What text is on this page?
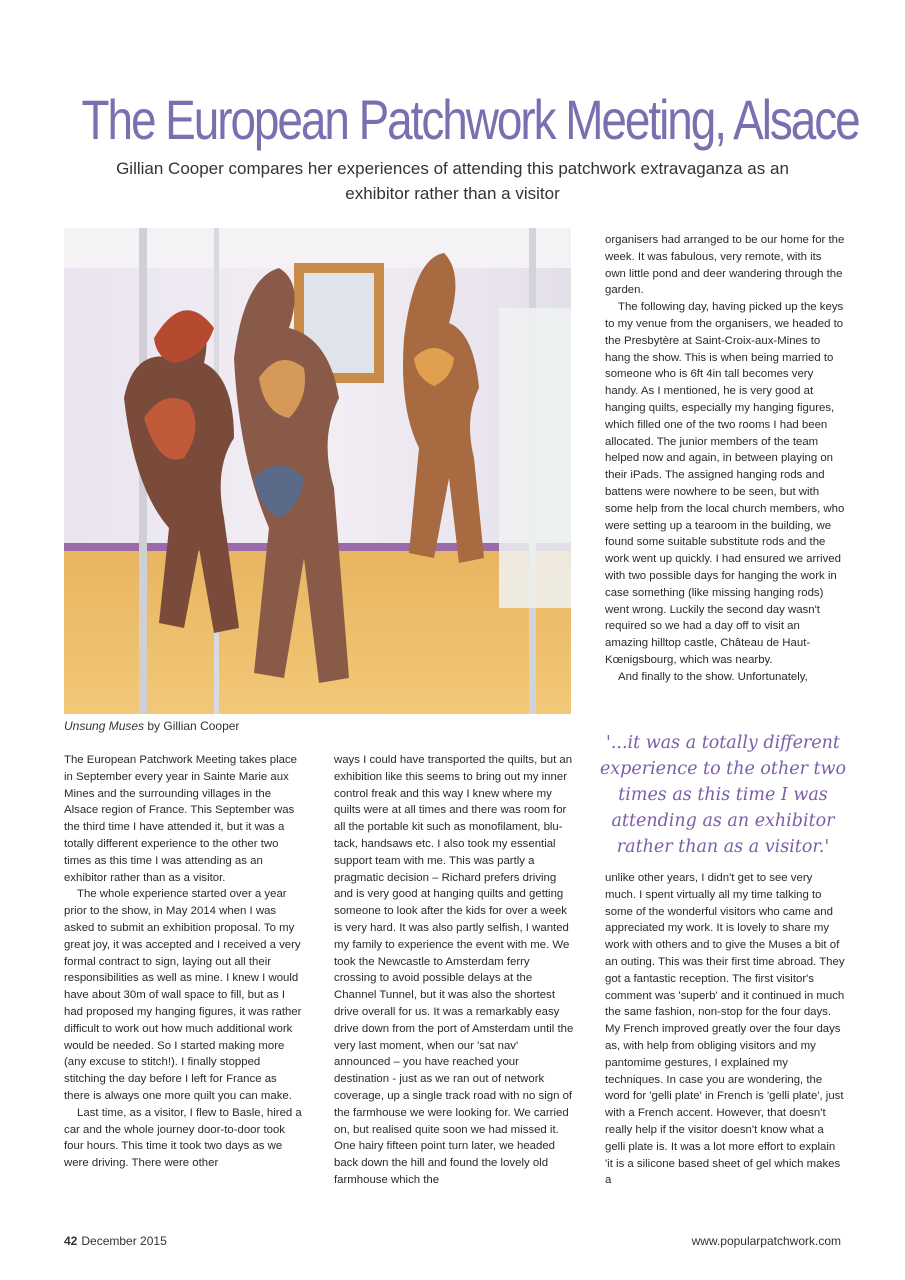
The European Patchwork Meeting, Alsace
Gillian Cooper compares her experiences of attending this patchwork extravaganza as an exhibitor rather than a visitor
Unsung Muses by Gillian Cooper

The European Patchwork Meeting takes place in September every year in Sainte Marie aux Mines and the surrounding villages in the Alsace region of France. This September was the third time I have attended it, but it was a totally different experience to the other two times as this time I was attending as an exhibitor rather than as a visitor.

The whole experience started over a year prior to the show, in May 2014 when I was asked to submit an exhibition proposal. To my great joy, it was accepted and I received a very formal contract to sign, laying out all their responsibilities as well as mine. I knew I would have about 30m of wall space to fill, but as I had proposed my hanging figures, it was rather difficult to work out how much additional work would be needed. So I started making more (any excuse to stitch!). I finally stopped stitching the day before I left for France as there is always one more quilt you can make.

Last time, as a visitor, I flew to Basle, hired a car and the whole journey door-to-door took four hours. This time it took two days as we were driving. There were other

ways I could have transported the quilts, but an exhibition like this seems to bring out my inner control freak and this way I knew where my quilts were at all times and there was room for all the portable kit such as monofilament, blu-tack, handsaws etc. I also took my essential support team with me. This was partly a pragmatic decision – Richard prefers driving and is very good at hanging quilts and getting someone to look after the kids for over a week is very hard. It was also partly selfish, I wanted my family to experience the event with me. We took the Newcastle to Amsterdam ferry crossing to avoid possible delays at the Channel Tunnel, but it was also the shortest drive overall for us. It was a remarkably easy drive down from the port of Amsterdam until the very last moment, when our 'sat nav' announced – you have reached your destination - just as we ran out of network coverage, up a single track road with no sign of the farmhouse we were looking for. We carried on, but realised quite soon we had missed it. One hairy fifteen point turn later, we headed back down the hill and found the lovely old farmhouse which the

organisers had arranged to be our home for the week. It was fabulous, very remote, with its own little pond and deer wandering through the garden.

The following day, having picked up the keys to my venue from the organisers, we headed to the Presbytère at Saint-Croix-aux-Mines to hang the show. This is when being married to someone who is 6ft 4in tall becomes very handy. As I mentioned, he is very good at hanging quilts, especially my hanging figures, which filled one of the two rooms I had been allocated. The junior members of the team helped now and again, in between playing on their iPads. The assigned hanging rods and battens were nowhere to be seen, but with some help from the local church members, who were setting up a tearoom in the building, we found some suitable substitute rods and the work went up quickly. I had ensured we arrived with two possible days for hanging the work in case something (like missing hanging rods) went wrong. Luckily the second day wasn't required so we had a day off to visit an amazing hilltop castle, Château de Haut-Kœnigsbourg, which was nearby.

And finally to the show. Unfortunately,

'...it was a totally different experience to the other two times as this time I was attending as an exhibitor rather than as a visitor.'

unlike other years, I didn't get to see very much. I spent virtually all my time talking to some of the wonderful visitors who came and appreciated my work. It is lovely to share my work with others and to give the Muses a bit of an outing. This was their first time abroad. They got a fantastic reception. The first visitor's comment was 'superb' and it continued in much the same fashion, non-stop for the four days. My French improved greatly over the four days as, with help from obliging visitors and my pantomime gestures, I explained my techniques. In case you are wondering, the word for 'gelli plate' in French is 'gelli plate', just with a French accent. However, that doesn't really help if the visitor doesn't know what a gelli plate is. It was a lot more effort to explain 'it is a silicone based sheet of gel which makes a

42 December 2015	www.popularpatchwork.com
